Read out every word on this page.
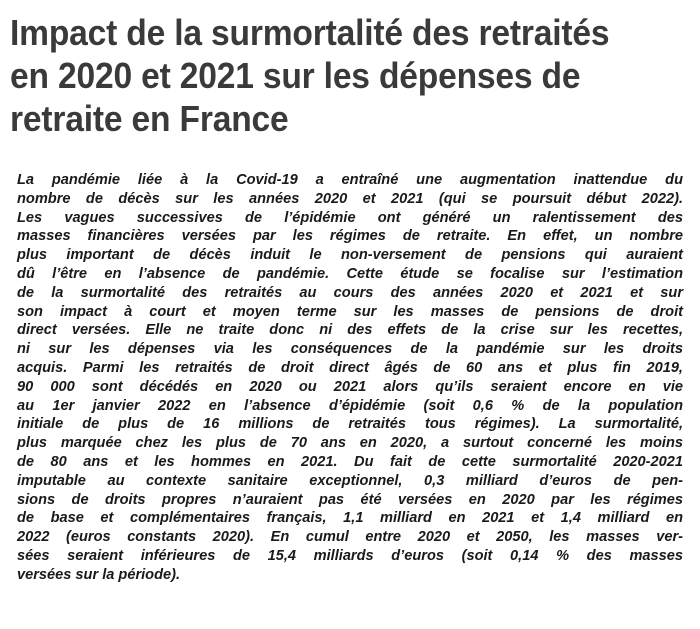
Impact de la surmortalité des retraités
en 2020 et 2021 sur les dépenses de
retraite en France
La pandémie liée à la Covid-19 a entraîné une augmentation inattendue du
nombre de décès sur les années 2020 et 2021 (qui se poursuit début 2022).
Les vagues successives de l’épidémie ont généré un ralentissement des
masses financières versées par les régimes de retraite. En effet, un nombre
plus important de décès induit le non-versement de pensions qui auraient
dû l’être en l’absence de pandémie. Cette étude se focalise sur l’estimation
de la surmortalité des retraités au cours des années 2020 et 2021 et sur
son impact à court et moyen terme sur les masses de pensions de droit
direct versées. Elle ne traite donc ni des effets de la crise sur les recettes,
ni sur les dépenses via les conséquences de la pandémie sur les droits
acquis. Parmi les retraités de droit direct âgés de 60 ans et plus fin 2019,
90 000 sont décédés en 2020 ou 2021 alors qu’ils seraient encore en vie
au 1er janvier 2022 en l’absence d’épidémie (soit 0,6 % de la population
initiale de plus de 16 millions de retraités tous régimes). La surmortalité,
plus marquée chez les plus de 70 ans en 2020, a surtout concerné les moins
de 80 ans et les hommes en 2021. Du fait de cette surmortalité 2020-2021
imputable au contexte sanitaire exceptionnel, 0,3 milliard d’euros de pen-
sions de droits propres n’auraient pas été versées en 2020 par les régimes
de base et complémentaires français, 1,1 milliard en 2021 et 1,4 milliard en
2022 (euros constants 2020). En cumul entre 2020 et 2050, les masses ver-
sées seraient inférieures de 15,4 milliards d’euros (soit 0,14 % des masses
versées sur la période).
